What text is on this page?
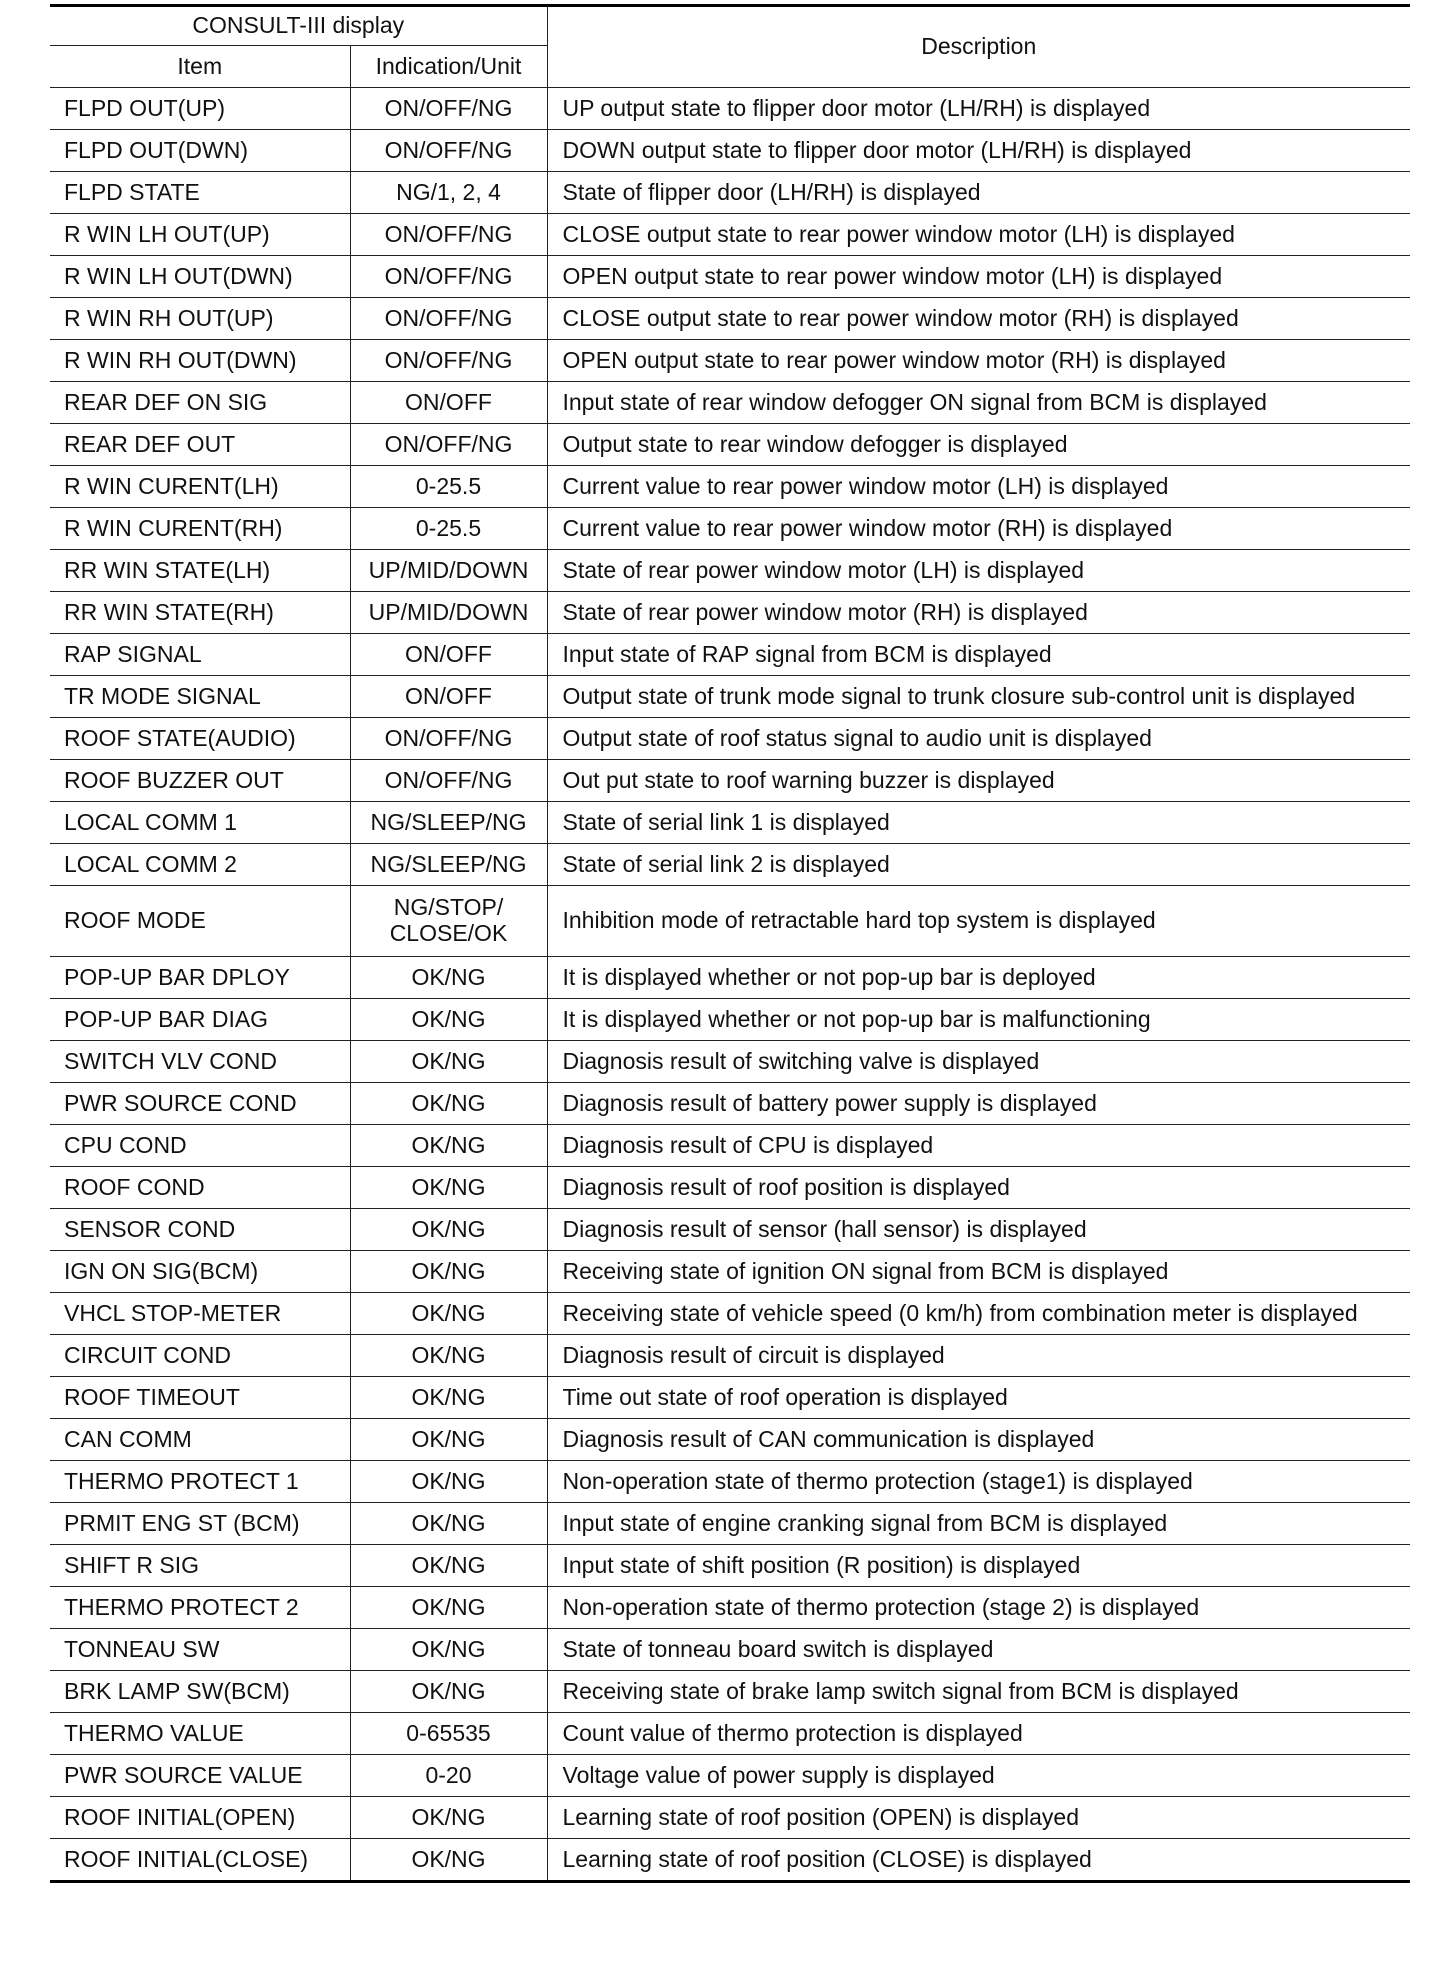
CONSULT-III display		Description
Item	Indication/Unit	
FLPD OUT(UP)	ON/OFF/NG	UP output state to flipper door motor (LH/RH) is displayed
FLPD OUT(DWN)	ON/OFF/NG	DOWN output state to flipper door motor (LH/RH) is displayed
FLPD STATE	NG/1, 2, 4	State of flipper door (LH/RH) is displayed
R WIN LH OUT(UP)	ON/OFF/NG	CLOSE output state to rear power window motor (LH) is displayed
R WIN LH OUT(DWN)	ON/OFF/NG	OPEN output state to rear power window motor (LH) is displayed
R WIN RH OUT(UP)	ON/OFF/NG	CLOSE output state to rear power window motor (RH) is displayed
R WIN RH OUT(DWN)	ON/OFF/NG	OPEN output state to rear power window motor (RH) is displayed
REAR DEF ON SIG	ON/OFF	Input state of rear window defogger ON signal from BCM is displayed
REAR DEF OUT	ON/OFF/NG	Output state to rear window defogger is displayed
R WIN CURENT(LH)	0-25.5	Current value to rear power window motor (LH) is displayed
R WIN CURENT(RH)	0-25.5	Current value to rear power window motor (RH) is displayed
RR WIN STATE(LH)	UP/MID/DOWN	State of rear power window motor (LH) is displayed
RR WIN STATE(RH)	UP/MID/DOWN	State of rear power window motor (RH) is displayed
RAP SIGNAL	ON/OFF	Input state of RAP signal from BCM is displayed
TR MODE SIGNAL	ON/OFF	Output state of trunk mode signal to trunk closure sub-control unit is displayed
ROOF STATE(AUDIO)	ON/OFF/NG	Output state of roof status signal to audio unit is displayed
ROOF BUZZER OUT	ON/OFF/NG	Out put state to roof warning buzzer is displayed
LOCAL COMM 1	NG/SLEEP/NG	State of serial link 1 is displayed
LOCAL COMM 2	NG/SLEEP/NG	State of serial link 2 is displayed
ROOF MODE	NG/STOP/ CLOSE/OK	Inhibition mode of retractable hard top system is displayed
POP-UP BAR DPLOY	OK/NG	It is displayed whether or not pop-up bar is deployed
POP-UP BAR DIAG	OK/NG	It is displayed whether or not pop-up bar is malfunctioning
SWITCH VLV COND	OK/NG	Diagnosis result of switching valve is displayed
PWR SOURCE COND	OK/NG	Diagnosis result of battery power supply is displayed
CPU COND	OK/NG	Diagnosis result of CPU is displayed
ROOF COND	OK/NG	Diagnosis result of roof position is displayed
SENSOR COND	OK/NG	Diagnosis result of sensor (hall sensor) is displayed
IGN ON SIG(BCM)	OK/NG	Receiving state of ignition ON signal from BCM is displayed
VHCL STOP-METER	OK/NG	Receiving state of vehicle speed (0 km/h) from combination meter is displayed
CIRCUIT COND	OK/NG	Diagnosis result of circuit is displayed
ROOF TIMEOUT	OK/NG	Time out state of roof operation is displayed
CAN COMM	OK/NG	Diagnosis result of CAN communication is displayed
THERMO PROTECT 1	OK/NG	Non-operation state of thermo protection (stage1) is displayed
PRMIT ENG ST (BCM)	OK/NG	Input state of engine cranking signal from BCM is displayed
SHIFT R SIG	OK/NG	Input state of shift position (R position) is displayed
THERMO PROTECT 2	OK/NG	Non-operation state of thermo protection (stage 2) is displayed
TONNEAU SW	OK/NG	State of tonneau board switch is displayed
BRK LAMP SW(BCM)	OK/NG	Receiving state of brake lamp switch signal from BCM is displayed
THERMO VALUE	0-65535	Count value of thermo protection is displayed
PWR SOURCE VALUE	0-20	Voltage value of power supply is displayed
ROOF INITIAL(OPEN)	OK/NG	Learning state of roof position (OPEN) is displayed
ROOF INITIAL(CLOSE)	OK/NG	Learning state of roof position (CLOSE) is displayed
